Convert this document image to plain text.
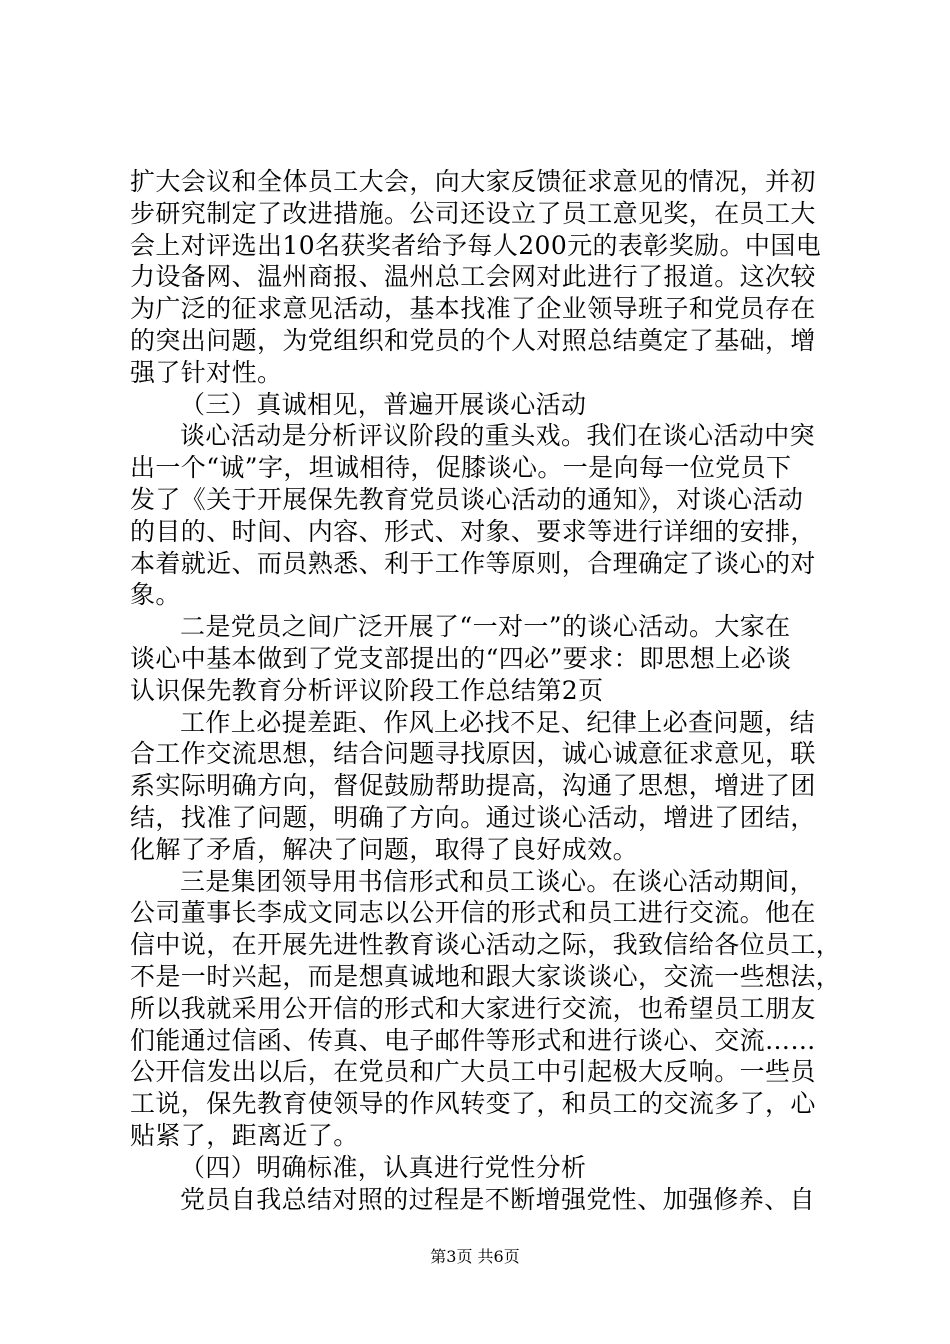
扩大会议和全体员工大会，向大家反馈征求意见的情况，并初
步研究制定了改进措施。公司还设立了员工意见奖，在员工大
会上对评选出10名获奖者给予每人200元的表彰奖励。中国电
力设备网、温州商报、温州总工会网对此进行了报道。这次较
为广泛的征求意见活动，基本找准了企业领导班子和党员存在
的突出问题，为党组织和党员的个人对照总结奠定了基础，增
强了针对性。
（三）真诚相见，普遍开展谈心活动
谈心活动是分析评议阶段的重头戏。我们在谈心活动中突
出一个“诚”字，坦诚相待，促膝谈心。一是向每一位党员下
发了《关于开展保先教育党员谈心活动的通知》，对谈心活动
的目的、时间、内容、形式、对象、要求等进行详细的安排，
本着就近、而员熟悉、利于工作等原则，合理确定了谈心的对
象。
二是党员之间广泛开展了“一对一”的谈心活动。大家在
谈心中基本做到了党支部提出的“四必”要求：即思想上必谈
认识保先教育分析评议阶段工作总结第2页
工作上必提差距、作风上必找不足、纪律上必查问题，结
合工作交流思想，结合问题寻找原因，诚心诚意征求意见，联
系实际明确方向，督促鼓励帮助提高，沟通了思想，增进了团
结，找准了问题，明确了方向。通过谈心活动，增进了团结，
化解了矛盾，解决了问题，取得了良好成效。
三是集团领导用书信形式和员工谈心。在谈心活动期间，
公司董事长李成文同志以公开信的形式和员工进行交流。他在
信中说，在开展先进性教育谈心活动之际，我致信给各位员工，
不是一时兴起，而是想真诚地和跟大家谈谈心，交流一些想法，
所以我就采用公开信的形式和大家进行交流，也希望员工朋友
们能通过信函、传真、电子邮件等形式和进行谈心、交流……
公开信发出以后，在党员和广大员工中引起极大反响。一些员
工说，保先教育使领导的作风转变了，和员工的交流多了，心
贴紧了，距离近了。
（四）明确标准，认真进行党性分析
党员自我总结对照的过程是不断增强党性、加强修养、自
第3页 共6页
